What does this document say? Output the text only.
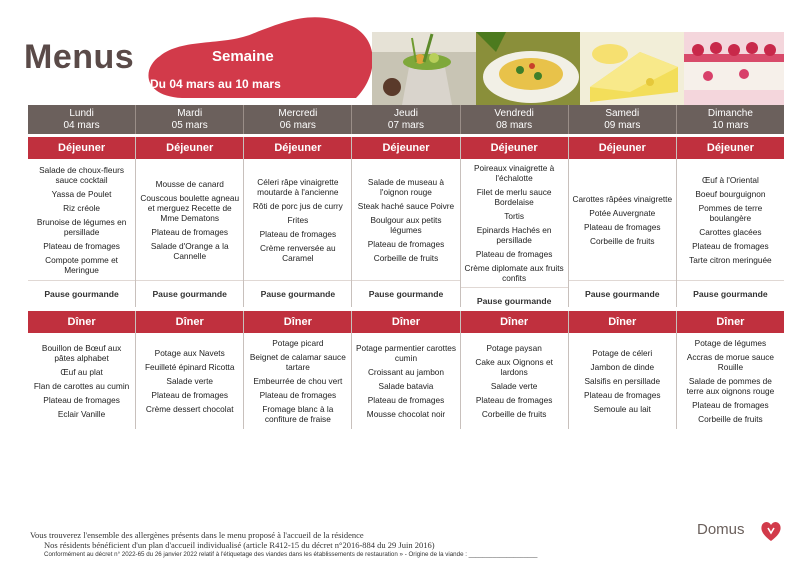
Menus	Semaine
Du 04 mars au 10 mars
Lundi
04 mars
Mardi
05 mars
Mercredi
06 mars
Jeudi
07 mars
Vendredi
08 mars
Samedi
09 mars
Dimanche
10 mars
Déjeuner
Salade de choux-fleurs sauce cocktail
Yassa de Poulet
Riz créole
Brunoise de légumes en persillade
Plateau de fromages
Compote pomme et Meringue
Pause gourmande
Déjeuner
Mousse de canard
Couscous boulette agneau et merguez Recette de Mme Dematons
Plateau de fromages
Salade d'Orange a la Cannelle
Pause gourmande
Déjeuner
Céleri râpe vinaigrette moutarde à l'ancienne
Rôti de porc jus de curry
Frites
Plateau de fromages
Crème renversée au Caramel
Pause gourmande
Déjeuner
Salade de museau à l'oignon rouge
Steak haché sauce Poivre
Boulgour aux petits légumes
Plateau de fromages
Corbeille de fruits
Pause gourmande
Déjeuner
Poireaux vinaigrette à l'échalotte
Filet de merlu sauce Bordelaise
Tortis
Epinards Hachés en persillade
Plateau de fromages
Crème diplomate aux fruits confits
Pause gourmande
Déjeuner
Carottes râpées vinaigrette
Potée Auvergnate
Plateau de fromages
Corbeille de fruits
Pause gourmande
Déjeuner
Œuf à l'Oriental
Boeuf bourguignon
Pommes de terre boulangère
Carottes glacées
Plateau de fromages
Tarte citron meringuée
Pause gourmande
Dîner
Bouillon de Bœuf aux pâtes alphabet
Œuf au plat
Flan de carottes au cumin
Plateau de fromages
Eclair Vanille
Dîner
Potage aux Navets
Feuilleté épinard Ricotta
Salade verte
Plateau de fromages
Crème dessert chocolat
Dîner
Potage picard
Beignet de calamar sauce tartare
Embeurrée de chou vert
Plateau de fromages
Fromage blanc à la confiture de fraise
Dîner
Potage parmentier carottes cumin
Croissant au jambon
Salade batavia
Plateau de fromages
Mousse chocolat noir
Dîner
Potage paysan
Cake aux Oignons et lardons
Salade verte
Plateau de fromages
Corbeille de fruits
Dîner
Potage de céleri
Jambon de dinde
Salsifis en persillade
Plateau de fromages
Semoule au lait
Dîner
Potage de légumes
Accras de morue sauce Rouille
Salade de pommes de terre aux oignons rouge
Plateau de fromages
Corbeille de fruits
Vous trouverez l'ensemble des allergènes présents dans le menu proposé à l'accueil de la résidence
Nos résidents bénéficient d'un plan d'accueil individualisé (article R412-15 du décret n°2016-884 du 29 Juin 2016)
Conformément au décret n° 2022-65 du 26 janvier 2022 relatif à l'étiquetage des viandes dans les établissements de restauration » - Origine de la viande : ____________________
Domus
